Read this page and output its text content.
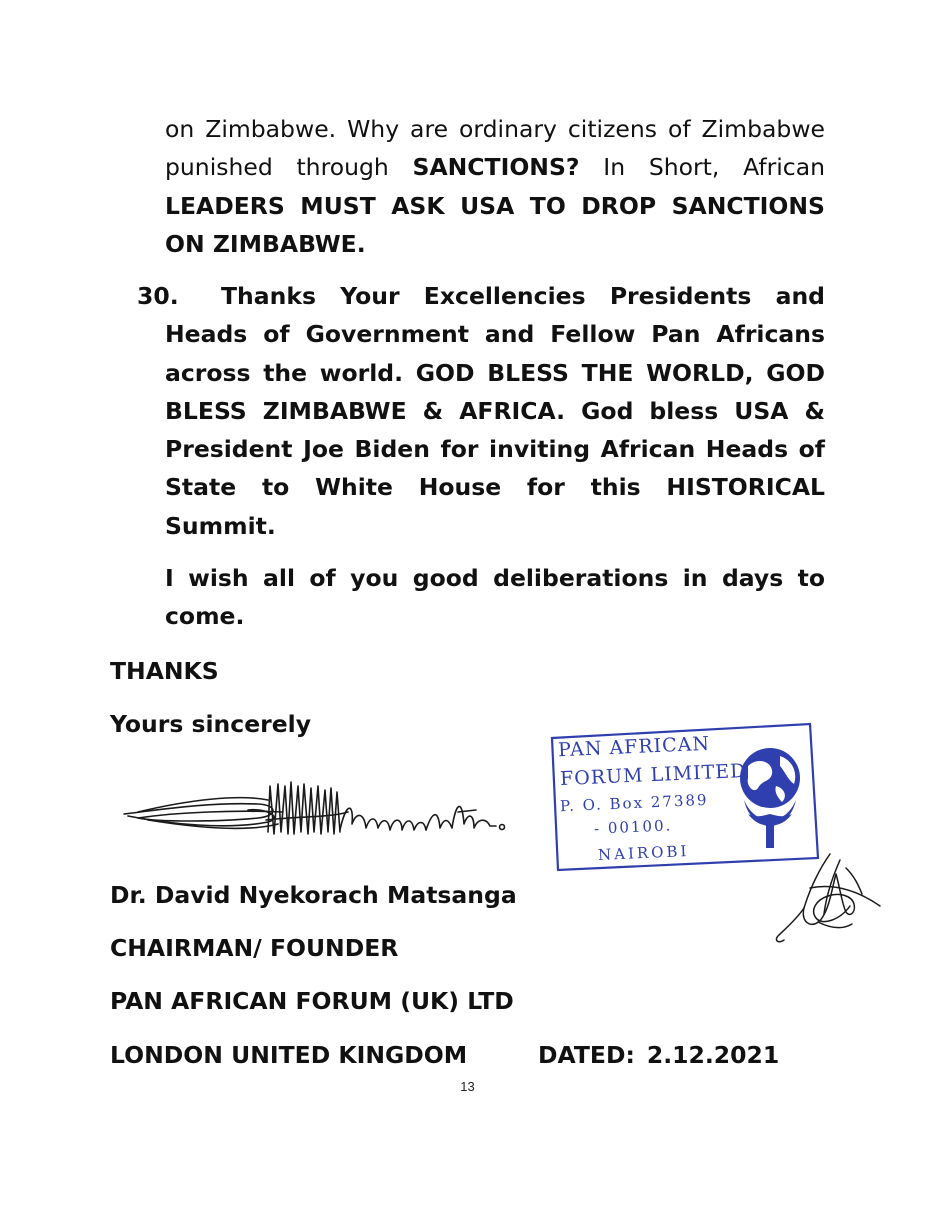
on Zimbabwe. Why are ordinary citizens of Zimbabwe punished through SANCTIONS? In Short, African LEADERS MUST ASK USA TO DROP SANCTIONS ON ZIMBABWE.

30. Thanks Your Excellencies Presidents and Heads of Government and Fellow Pan Africans across the world. GOD BLESS THE WORLD, GOD BLESS ZIMBABWE & AFRICA. God bless USA & President Joe Biden for inviting African Heads of State to White House for this HISTORICAL Summit.

I wish all of you good deliberations in days to come.

THANKS
Yours sincerely
PAN AFRICAN
FORUM LIMITED
P. O. Box 27389
- 00100.
NAIROBI
Dr. David Nyekorach Matsanga
CHAIRMAN/ FOUNDER
PAN AFRICAN FORUM (UK) LTD
LONDON UNITED KINGDOM	DATED: 2.12.2021
13
